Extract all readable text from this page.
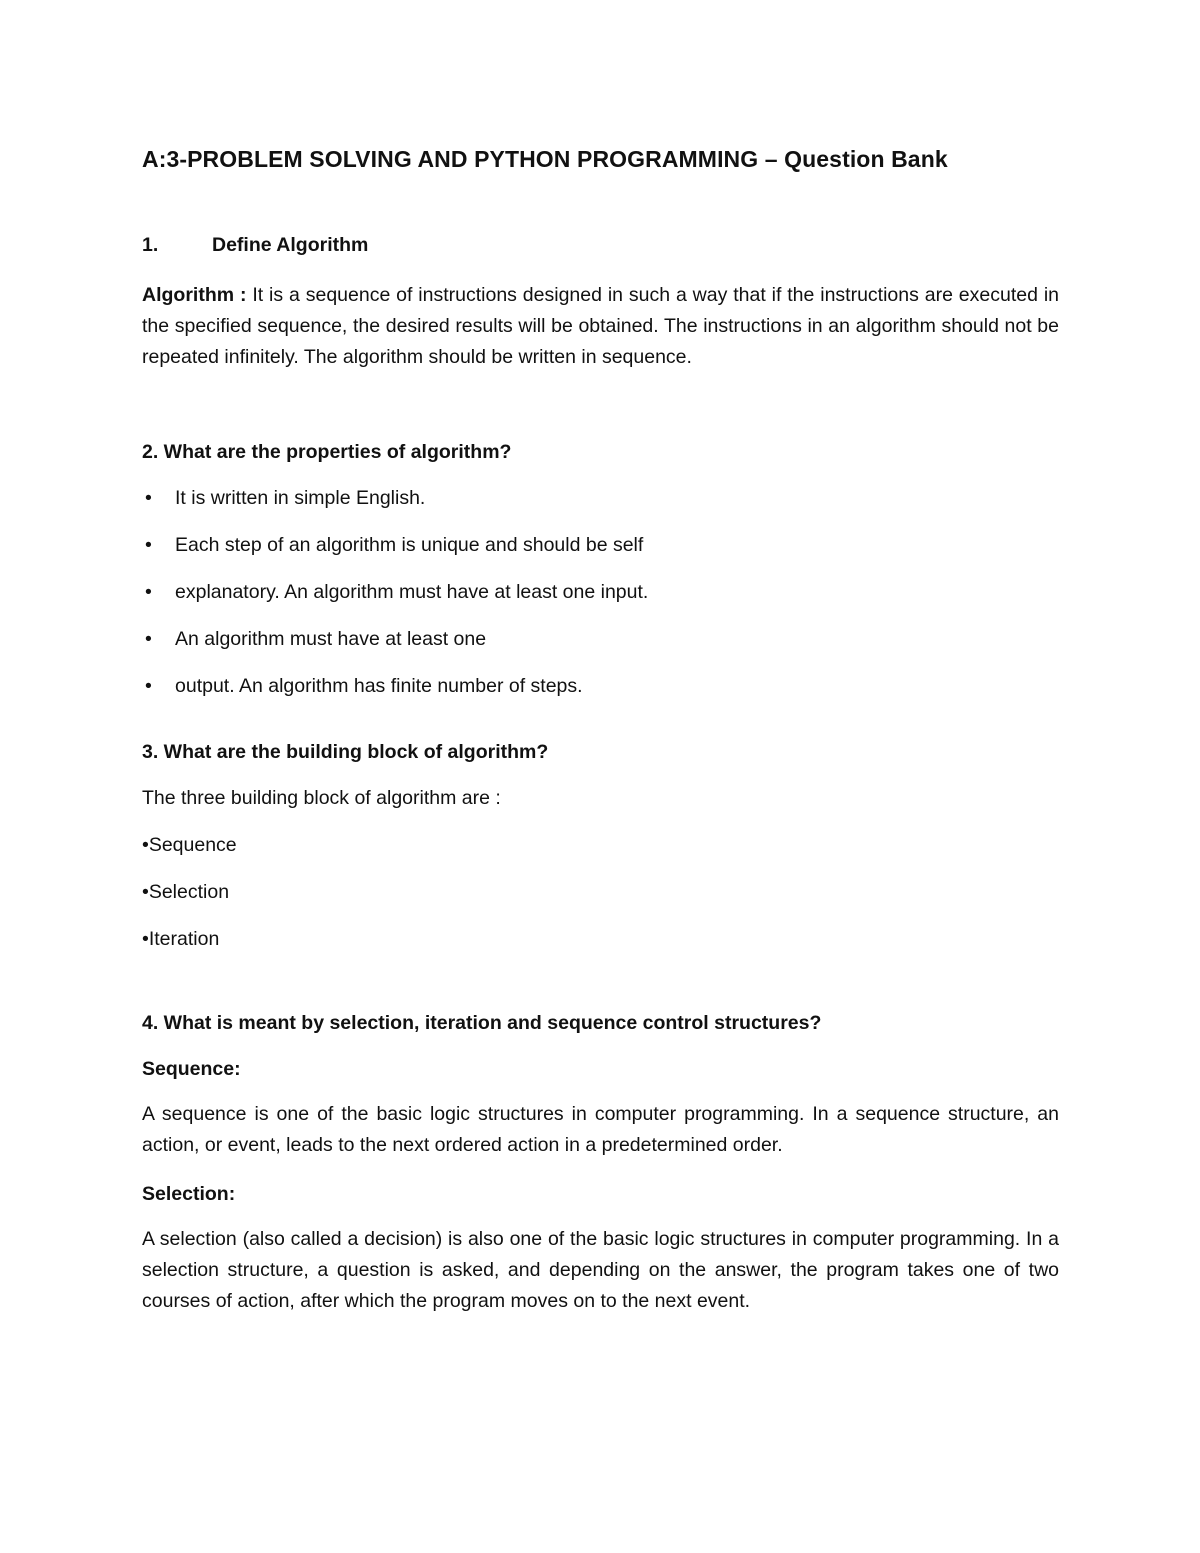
A:3-PROBLEM SOLVING AND PYTHON PROGRAMMING – Question Bank
1.	Define Algorithm

Algorithm : It is a sequence of instructions designed in such a way that if the instructions are executed in the specified sequence, the desired results will be obtained. The instructions in an algorithm should not be repeated infinitely. The algorithm should be written in sequence.

2. What are the properties of algorithm?

•	It is written in simple English.
•	Each step of an algorithm is unique and should be self
•	explanatory. An algorithm must have at least one input.
•	An algorithm must have at least one
•	output. An algorithm has finite number of steps.

3. What are the building block of algorithm?

The three building block of algorithm are :

•Sequence
•Selection
•Iteration

4. What is meant by selection, iteration and sequence control structures?

Sequence:

A sequence is one of the basic logic structures in computer programming. In a sequence structure, an action, or event, leads to the next ordered action in a predetermined order.

Selection:

A selection (also called a decision) is also one of the basic logic structures in computer programming. In a selection structure, a question is asked, and depending on the answer, the program takes one of two courses of action, after which the program moves on to the next event.
